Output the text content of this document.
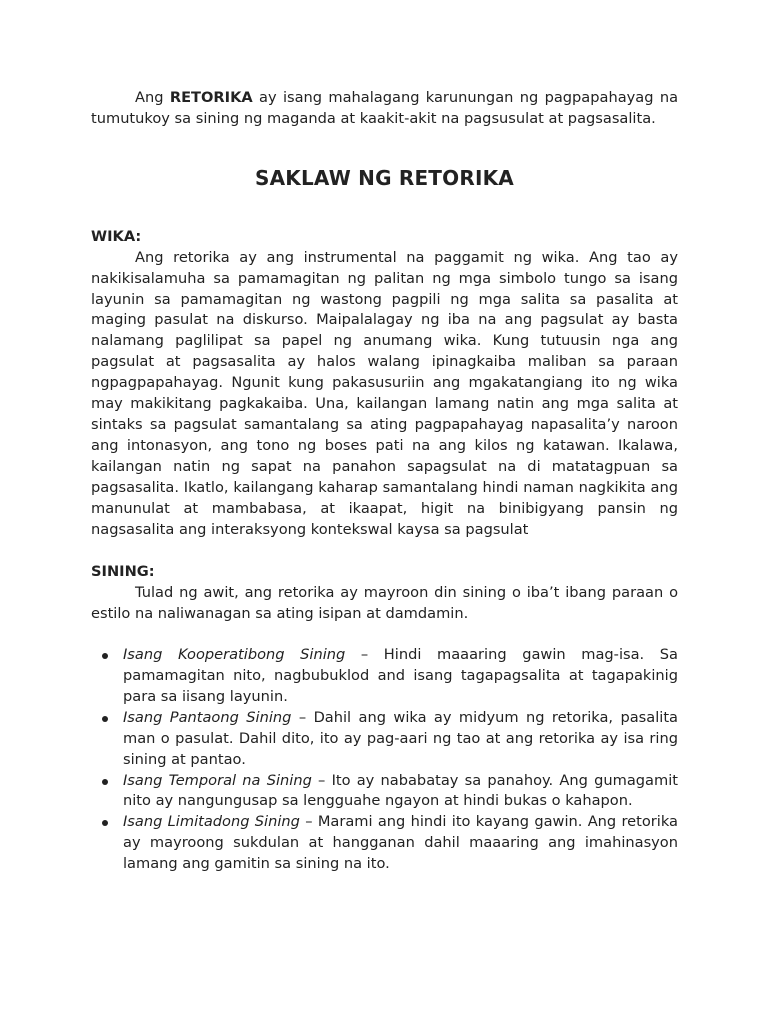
Ang RETORIKA ay isang mahalagang karunungan ng pagpapahayag na tumutukoy sa sining ng maganda at kaakit-akit na pagsusulat at pagsasalita.

SAKLAW NG RETORIKA
WIKA:

Ang retorika ay ang instrumental na paggamit ng wika. Ang tao ay nakikisalamuha sa pamamagitan ng palitan ng mga simbolo tungo sa isang layunin sa pamamagitan ng wastong pagpili ng mga salita sa pasalita at maging pasulat na diskurso. Maipalalagay ng iba na ang pagsulat ay basta nalamang paglilipat sa papel ng anumang wika. Kung tutuusin nga ang pagsulat at pagsasalita ay halos walang ipinagkaiba maliban sa paraan ngpagpapahayag. Ngunit kung pakasusuriin ang mgakatangiang ito ng wika may makikitang pagkakaiba. Una, kailangan lamang natin ang mga salita at sintaks sa pagsulat samantalang sa ating pagpapahayag napasalita’y naroon ang intonasyon, ang tono ng boses pati na ang kilos ng katawan. Ikalawa, kailangan natin ng sapat na panahon sapagsulat na di matatagpuan sa pagsasalita. Ikatlo, kailangang kaharap samantalang hindi naman nagkikita ang manunulat at mambabasa, at ikaapat, higit na binibigyang pansin ng nagsasalita ang interaksyong kontekswal kaysa sa pagsulat

SINING:

Tulad ng awit, ang retorika ay mayroon din sining o iba’t ibang paraan o estilo na naliwanagan sa ating isipan at damdamin.

Isang Kooperatibong Sining – Hindi maaaring gawin mag-isa. Sa pamamagitan nito, nagbubuklod and isang tagapagsalita at tagapakinig para sa iisang layunin.
Isang Pantaong Sining – Dahil ang wika ay midyum ng retorika, pasalita man o pasulat. Dahil dito, ito ay pag-aari ng tao at ang retorika ay isa ring sining at pantao.
Isang Temporal na Sining – Ito ay nababatay sa panahoy. Ang gumagamit nito ay nangungusap sa lengguahe ngayon at hindi bukas o kahapon.
Isang Limitadong Sining – Marami ang hindi ito kayang gawin. Ang retorika ay mayroong sukdulan at hangganan dahil maaaring ang imahinasyon lamang ang gamitin sa sining na ito.
